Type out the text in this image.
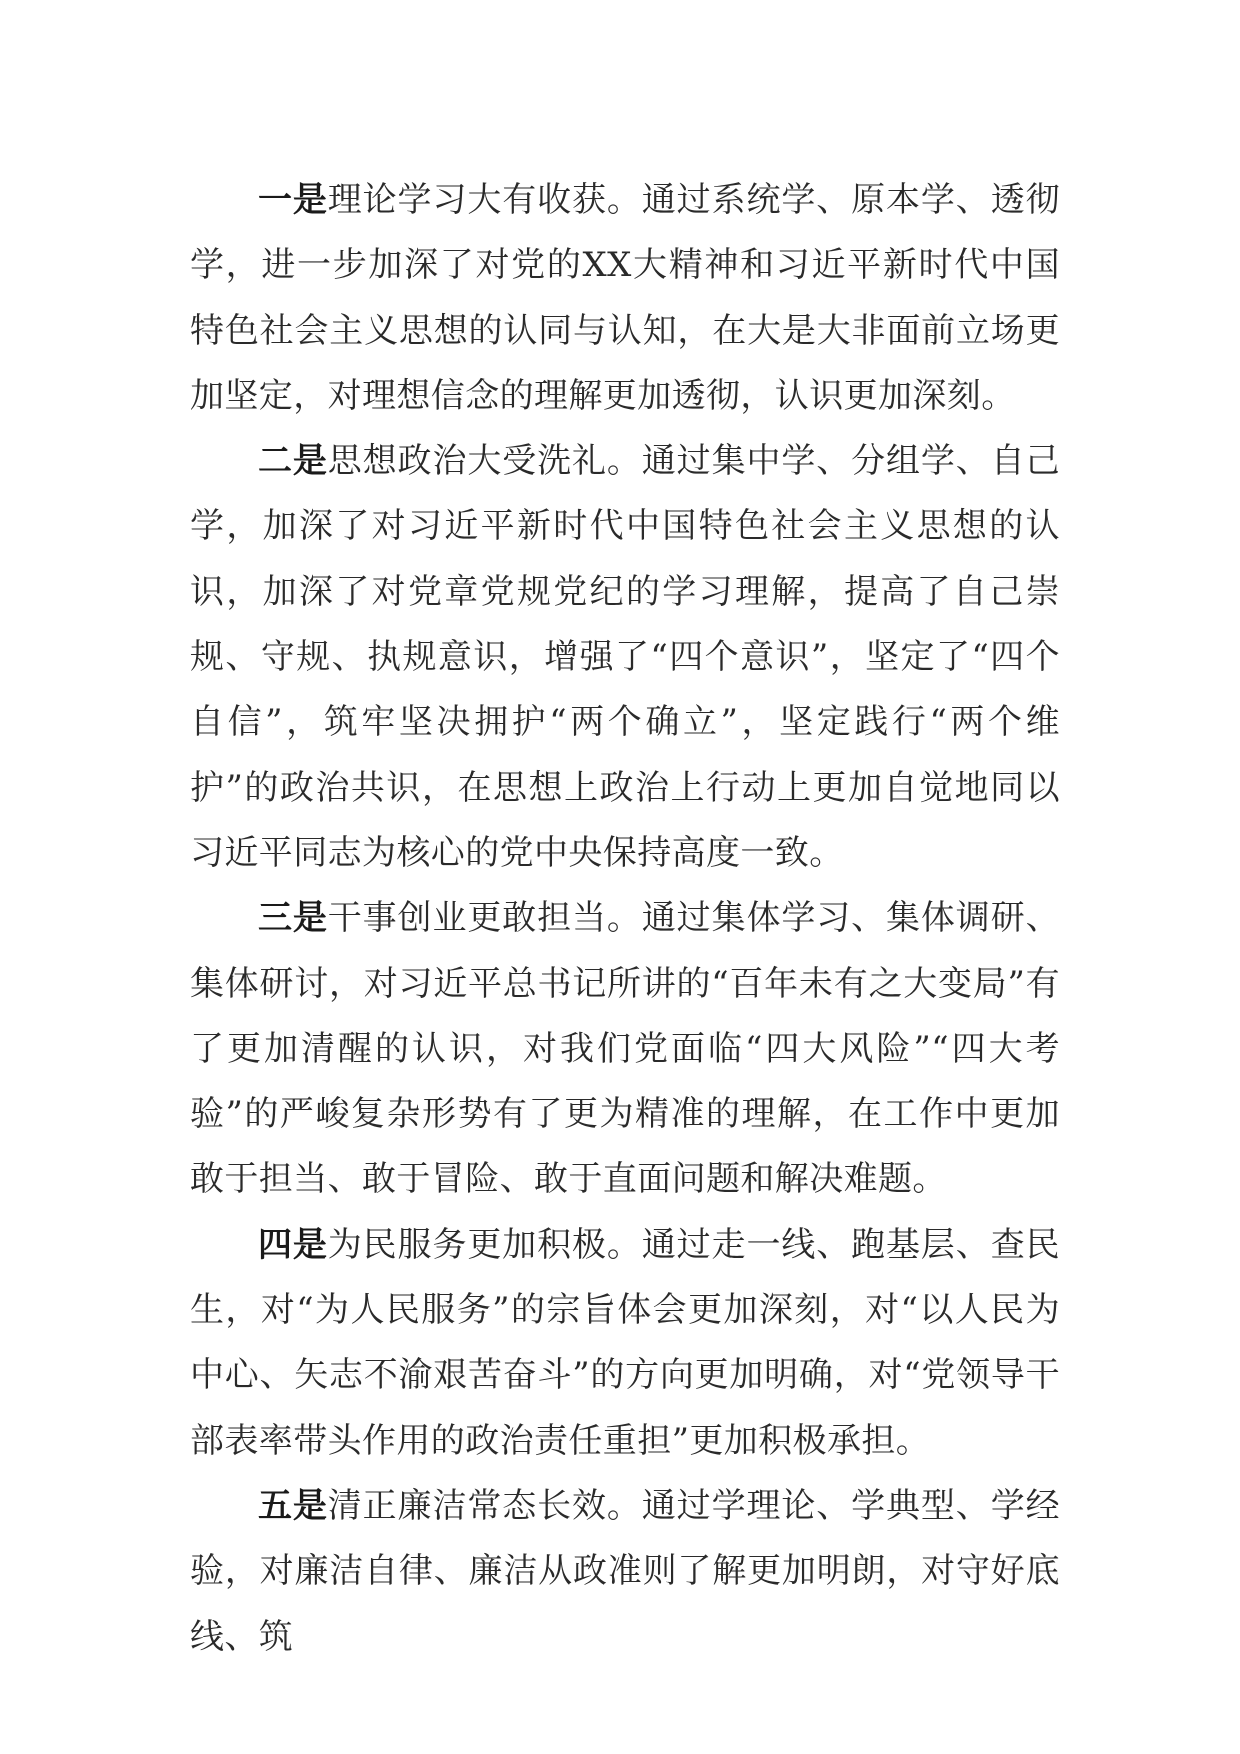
一是理论学习大有收获。通过系统学、原本学、透彻学，进一步加深了对党的XX大精神和习近平新时代中国特色社会主义思想的认同与认知，在大是大非面前立场更加坚定，对理想信念的理解更加透彻，认识更加深刻。

二是思想政治大受洗礼。通过集中学、分组学、自己学，加深了对习近平新时代中国特色社会主义思想的认识，加深了对党章党规党纪的学习理解，提高了自己崇规、守规、执规意识，增强了“四个意识”，坚定了“四个自信”，筑牢坚决拥护“两个确立”，坚定践行“两个维护”的政治共识，在思想上政治上行动上更加自觉地同以习近平同志为核心的党中央保持高度一致。

三是干事创业更敢担当。通过集体学习、集体调研、集体研讨，对习近平总书记所讲的“百年未有之大变局”有了更加清醒的认识，对我们党面临“四大风险”“四大考验”的严峻复杂形势有了更为精准的理解，在工作中更加敢于担当、敢于冒险、敢于直面问题和解决难题。

四是为民服务更加积极。通过走一线、跑基层、查民生，对“为人民服务”的宗旨体会更加深刻，对“以人民为中心、矢志不渝艰苦奋斗”的方向更加明确，对“党领导干部表率带头作用的政治责任重担”更加积极承担。

五是清正廉洁常态长效。通过学理论、学典型、学经验，对廉洁自律、廉洁从政准则了解更加明朗，对守好底线、筑
